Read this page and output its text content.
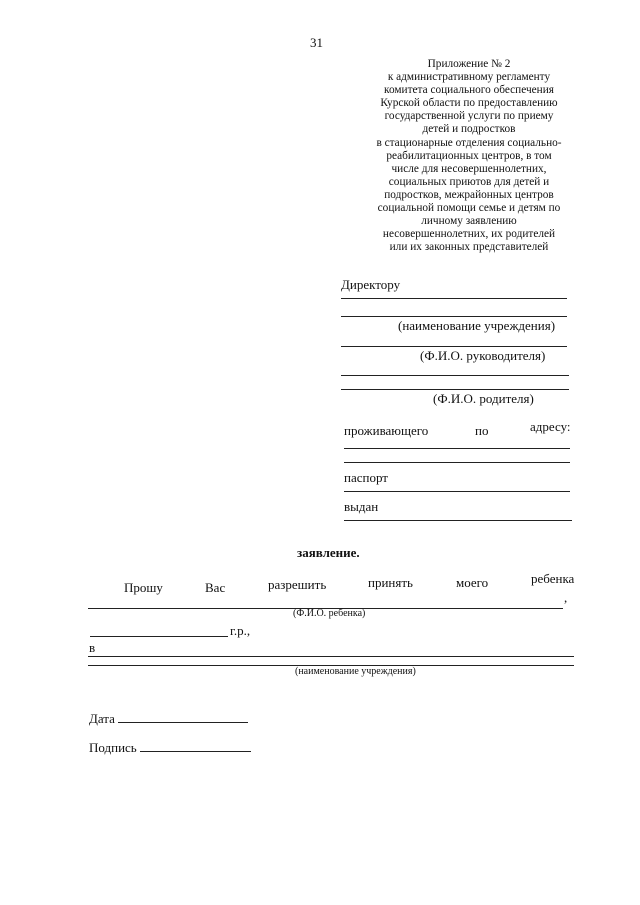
31
Приложение № 2
к административному регламенту
комитета социального обеспечения
Курской области по предоставлению
государственной услуги по приему
детей и подростков
в стационарные отделения социально-
реабилитационных центров, в том
числе для несовершеннолетних,
социальных приютов для детей и
подростков, межрайонных центров
социальной помощи семье и детям по
личному заявлению
несовершеннолетних, их родителей
или их законных представителей
Директору
(наименование учреждения)
(Ф.И.О. руководителя)
(Ф.И.О. родителя)
проживающего	по	адресу:
паспорт
выдан
заявление.
Прошу	Вас	разрешить	принять	моего	ребенка
,
(Ф.И.О. ребенка)
г.р.,
в
(наименование учреждения)
Дата
Подпись
